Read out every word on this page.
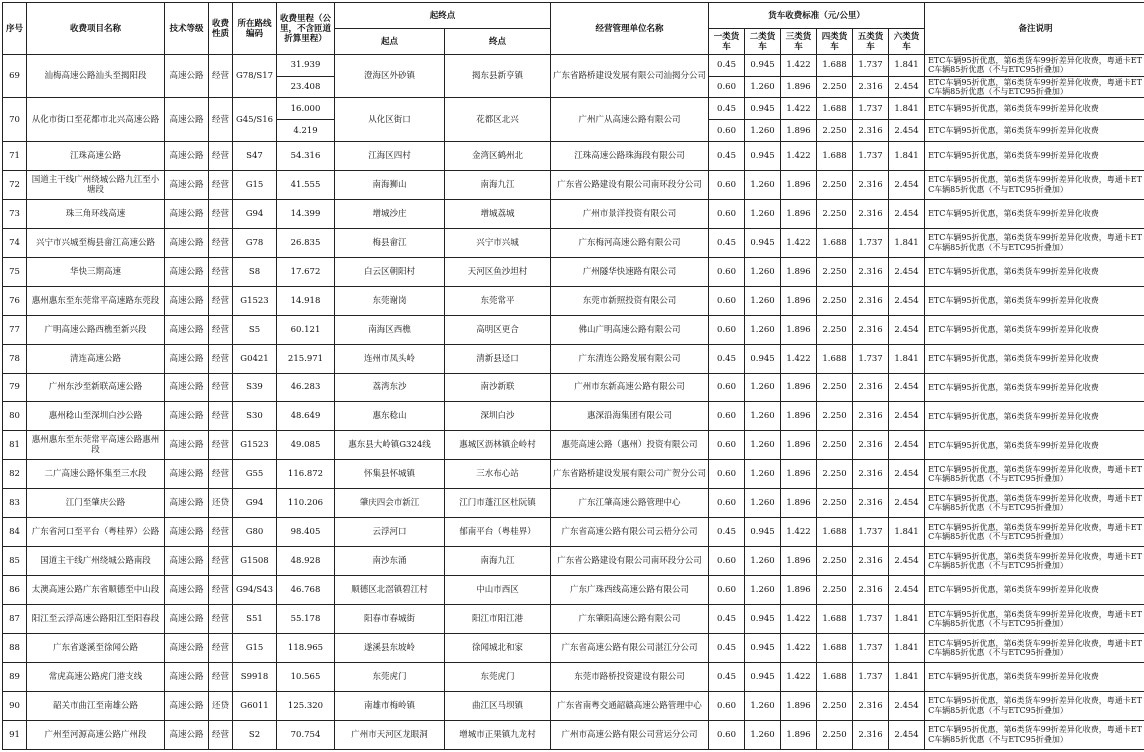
序号	收费项目名称	技术等级	收费性质	所在路线编码	收费里程（公里，不含匝道折算里程）	起终点		经营管理单位名称	货车收费标准（元/公里）						备注说明
						起点	终点		一类货车	二类货车	三类货车	四类货车	五类货车	六类货车	
69	汕梅高速公路汕头至揭阳段	高速公路	经营	G78/S17	31.939	澄海区外砂镇	揭东县新亨镇	广东省路桥建设发展有限公司汕揭分公司	0.45	0.945	1.422	1.688	1.737	1.841	ETC车辆95折优惠，第6类货车99折差异化收费，粤通卡ETC车辆85折优惠（不与ETC95折叠加）
					23.408				0.60	1.260	1.896	2.250	2.316	2.454	ETC车辆95折优惠，第6类货车99折差异化收费，粤通卡ETC车辆85折优惠（不与ETC95折叠加）
70	从化市街口至花都市北兴高速公路	高速公路	经营	G45/S16	16.000	从化区街口	花都区北兴	广州广从高速公路有限公司	0.45	0.945	1.422	1.688	1.737	1.841	ETC车辆95折优惠，第6类货车99折差异化收费
					4.219				0.60	1.260	1.896	2.250	2.316	2.454	ETC车辆95折优惠，第6类货车99折差异化收费
71	江珠高速公路	高速公路	经营	S47	54.316	江海区四村	金湾区鹤州北	江珠高速公路珠海段有限公司	0.45	0.945	1.422	1.688	1.737	1.841	ETC车辆95折优惠，第6类货车99折差异化收费
72	国道主干线广州绕城公路九江至小塘段	高速公路	经营	G15	41.555	南海狮山	南海九江	广东省公路建设有限公司南环段分公司	0.60	1.260	1.896	2.250	2.316	2.454	ETC车辆95折优惠，第6类货车99折差异化收费，粤通卡ETC车辆85折优惠（不与ETC95折叠加）
73	珠三角环线高速	高速公路	经营	G94	14.399	增城沙庄	增城荔城	广州市景洋投资有限公司	0.60	1.260	1.896	2.250	2.316	2.454	ETC车辆95折优惠，第6类货车99折差异化收费
74	兴宁市兴城至梅县畲江高速公路	高速公路	经营	G78	26.835	梅县畲江	兴宁市兴城	广东梅河高速公路有限公司	0.45	0.945	1.422	1.688	1.737	1.841	ETC车辆95折优惠，第6类货车99折差异化收费，粤通卡ETC车辆85折优惠（不与ETC95折叠加）
75	华快三期高速	高速公路	经营	S8	17.672	白云区朝阳村	天河区鱼沙坦村	广州隧华快速路有限公司	0.60	1.260	1.896	2.250	2.316	2.454	ETC车辆95折优惠，第6类货车99折差异化收费
76	惠州惠东至东莞常平高速路东莞段	高速公路	经营	G1523	14.918	东莞谢岗	东莞常平	东莞市新照投资有限公司	0.60	1.260	1.896	2.250	2.316	2.454	ETC车辆95折优惠，第6类货车99折差异化收费
77	广明高速公路西樵至新兴段	高速公路	经营	S5	60.121	南海区西樵	高明区更合	佛山广明高速公路有限公司	0.60	1.260	1.896	2.250	2.316	2.454	ETC车辆95折优惠，第6类货车99折差异化收费
78	清连高速公路	高速公路	经营	G0421	215.971	连州市凤头岭	清新县迳口	广东清连公路发展有限公司	0.45	0.945	1.422	1.688	1.737	1.841	ETC车辆95折优惠，第6类货车99折差异化收费
79	广州东沙至新联高速公路	高速公路	经营	S39	46.283	荔湾东沙	南沙新联	广州市东新高速公路有限公司	0.60	1.260	1.896	2.250	2.316	2.454	ETC车辆95折优惠，第6类货车99折差异化收费
80	惠州稔山至深圳白沙公路	高速公路	经营	S30	48.649	惠东稔山	深圳白沙	惠深沿海集团有限公司	0.60	1.260	1.896	2.250	2.316	2.454	ETC车辆95折优惠，第6类货车99折差异化收费
81	惠州惠东至东莞常平高速公路惠州段	高速公路	经营	G1523	49.085	惠东县大岭镇G324线	惠城区沥林镇企岭村	惠莞高速公路（惠州）投资有限公司	0.60	1.260	1.896	2.250	2.316	2.454	ETC车辆95折优惠，第6类货车99折差异化收费
82	二广高速公路怀集至三水段	高速公路	经营	G55	116.872	怀集县怀城镇	三水布心站	广东省路桥建设发展有限公司广贺分公司	0.60	1.260	1.896	2.250	2.316	2.454	ETC车辆95折优惠，第6类货车99折差异化收费，粤通卡ETC车辆85折优惠（不与ETC95折叠加）
83	江门至肇庆公路	高速公路	还贷	G94	110.206	肇庆四会市新江	江门市蓬江区杜阮镇	广东江肇高速公路管理中心	0.60	1.260	1.896	2.250	2.316	2.454	ETC车辆95折优惠，第6类货车99折差异化收费，粤通卡ETC车辆85折优惠（不与ETC95折叠加）
84	广东省河口至平台（粤桂界）公路	高速公路	经营	G80	98.405	云浮河口	郁南平台（粤桂界）	广东省高速公路有限公司云梧分公司	0.45	0.945	1.422	1.688	1.737	1.841	ETC车辆95折优惠，第6类货车99折差异化收费，粤通卡ETC车辆85折优惠（不与ETC95折叠加）
85	国道主干线广州绕城公路南段	高速公路	经营	G1508	48.928	南沙东涌	南海九江	广东省公路建设有限公司南环段分公司	0.60	1.260	1.896	2.250	2.316	2.454	ETC车辆95折优惠，第6类货车99折差异化收费，粤通卡ETC车辆85折优惠（不与ETC95折叠加）
86	太澳高速公路广东省顺德至中山段	高速公路	经营	G94/S43	46.768	顺德区北滘镇碧江村	中山市西区	广东广珠西线高速公路有限公司	0.60	1.260	1.896	2.250	2.316	2.454	ETC车辆95折优惠，第6类货车99折差异化收费
87	阳江至云浮高速公路阳江至阳春段	高速公路	经营	S51	55.178	阳春市春城街	阳江市阳江港	广东肇阳高速公路有限公司	0.45	0.945	1.422	1.688	1.737	1.841	ETC车辆95折优惠，第6类货车99折差异化收费，粤通卡ETC车辆85折优惠（不与ETC95折叠加）
88	广东省遂溪至徐闻公路	高速公路	经营	G15	118.965	遂溪县东坡岭	徐闻城北和家	广东省高速公路有限公司湛江分公司	0.45	0.945	1.422	1.688	1.737	1.841	ETC车辆95折优惠，第6类货车99折差异化收费，粤通卡ETC车辆85折优惠（不与ETC95折叠加）
89	常虎高速公路虎门港支线	高速公路	经营	S9918	10.565	东莞虎门	东莞虎门	东莞市路桥投资建设有限公司	0.45	0.945	1.422	1.688	1.737	1.841	ETC车辆95折优惠，第6类货车99折差异化收费
90	韶关市曲江至南雄公路	高速公路	还贷	G6011	125.320	南雄市梅岭镇	曲江区马坝镇	广东省南粤交通韶赣高速公路管理中心	0.60	1.260	1.896	2.250	2.316	2.454	ETC车辆95折优惠，第6类货车99折差异化收费，粤通卡ETC车辆85折优惠（不与ETC95折叠加）
91	广州至河源高速公路广州段	高速公路	经营	S2	70.754	广州市天河区龙眼洞	增城市正果镇九龙村	广州市高速公路有限公司营运分公司	0.60	1.260	1.896	2.250	2.316	2.454	ETC车辆95折优惠，第6类货车99折差异化收费，粤通卡ETC车辆85折优惠（不与ETC95折叠加）
